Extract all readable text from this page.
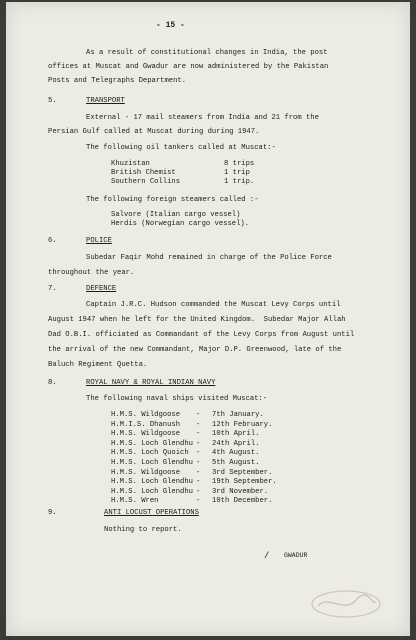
- 15 -
As a result of constitutional changes in India, the post
offices at Muscat and Gwadur are now administered by the Pakistan
Posts and Telegraphs Department.
5.	TRANSPORT
External - 17 mail steamers from India and 21 from the
Persian Gulf called at Muscat during during 1947.
The following oil tankers called at Muscat:-
Khuzistan	8 trips
British Chemist	1 trip
Southern Collins	1 trip.
The following foreign steamers called :-
Salvore (Italian cargo vessel)
Herdis (Norwegian cargo vessel).
6.	POLICE
Subedar Faqir Mohd remained in charge of the Police Force
throughout the year.
7.	DEFENCE
Captain J.R.C. Hudson commanded the Muscat Levy Corps until
August 1947 when he left for the United Kingdom.  Subedar Major Allah
Dad O.B.I. officiated as Commandant of the Levy Corps from August until
the arrival of the new Commandant, Major D.P. Greenwood, late of the
Baluch Regiment Quetta.
8.	ROYAL NAVY & ROYAL INDIAN NAVY
The following naval ships visited Muscat:-
9.	ANTI LOCUST OPERATIONS
Nothing to report.
/ GWADUR
H.M.S. Wildgoose - 7th January.
H.M.I.S. Dhanush - 12th February.
H.M.S. Wildgoose - 10th April.
H.M.S. Loch Glendhu - 24th April.
H.M.S. Loch Quoich - 4th August.
H.M.S. Loch Glendhu - 5th August.
H.M.S. Wildgoose - 3rd September.
H.M.S. Loch Glendhu - 19th September.
H.M.S. Loch Glendhu - 3rd November.
H.M.S. Wren	- 10th December.
